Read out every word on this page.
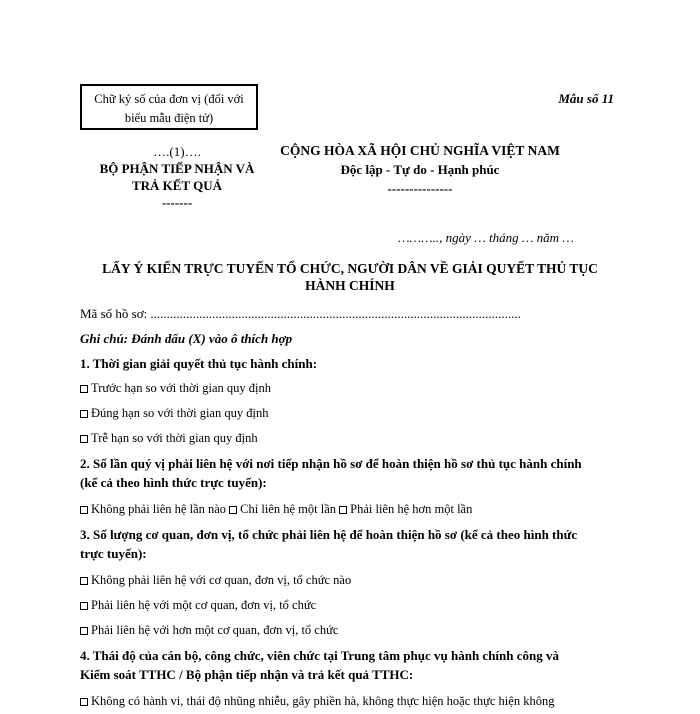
Chữ ký số của đơn vị (đối với
biểu mẫu điện tử)
Mẫu số 11
….(1)….
BỘ PHẬN TIẾP NHẬN VÀ
TRẢ KẾT QUẢ
-------
CỘNG HÒA XÃ HỘI CHỦ NGHĨA VIỆT NAM
Độc lập - Tự do - Hạnh phúc
---------------
……….., ngày … tháng … năm …
LẤY Ý KIẾN TRỰC TUYẾN TỔ CHỨC, NGƯỜI DÂN VỀ GIẢI QUYẾT THỦ TỤC
HÀNH CHÍNH
Mã số hồ sơ: ..................................................................................................................
Ghi chú: Đánh dấu (X) vào ô thích hợp
1. Thời gian giải quyết thủ tục hành chính:
Trước hạn so với thời gian quy định
Đúng hạn so với thời gian quy định
Trễ hạn so với thời gian quy định
2. Số lần quý vị phải liên hệ với nơi tiếp nhận hồ sơ để hoàn thiện hồ sơ thủ tục hành chính
(kể cả theo hình thức trực tuyến):
Không phải liên hệ lần nào Chỉ liên hệ một lần Phải liên hệ hơn một lần
3. Số lượng cơ quan, đơn vị, tổ chức phải liên hệ để hoàn thiện hồ sơ (kể cả theo hình thức
trực tuyến):
Không phải liên hệ với cơ quan, đơn vị, tổ chức nào
Phải liên hệ với một cơ quan, đơn vị, tổ chức
Phải liên hệ với hơn một cơ quan, đơn vị, tổ chức
4. Thái độ của cán bộ, công chức, viên chức tại Trung tâm phục vụ hành chính công và
Kiểm soát TTHC / Bộ phận tiếp nhận và trả kết quả TTHC:
Không có hành vi, thái độ nhũng nhiễu, gây phiền hà, không thực hiện hoặc thực hiện không
